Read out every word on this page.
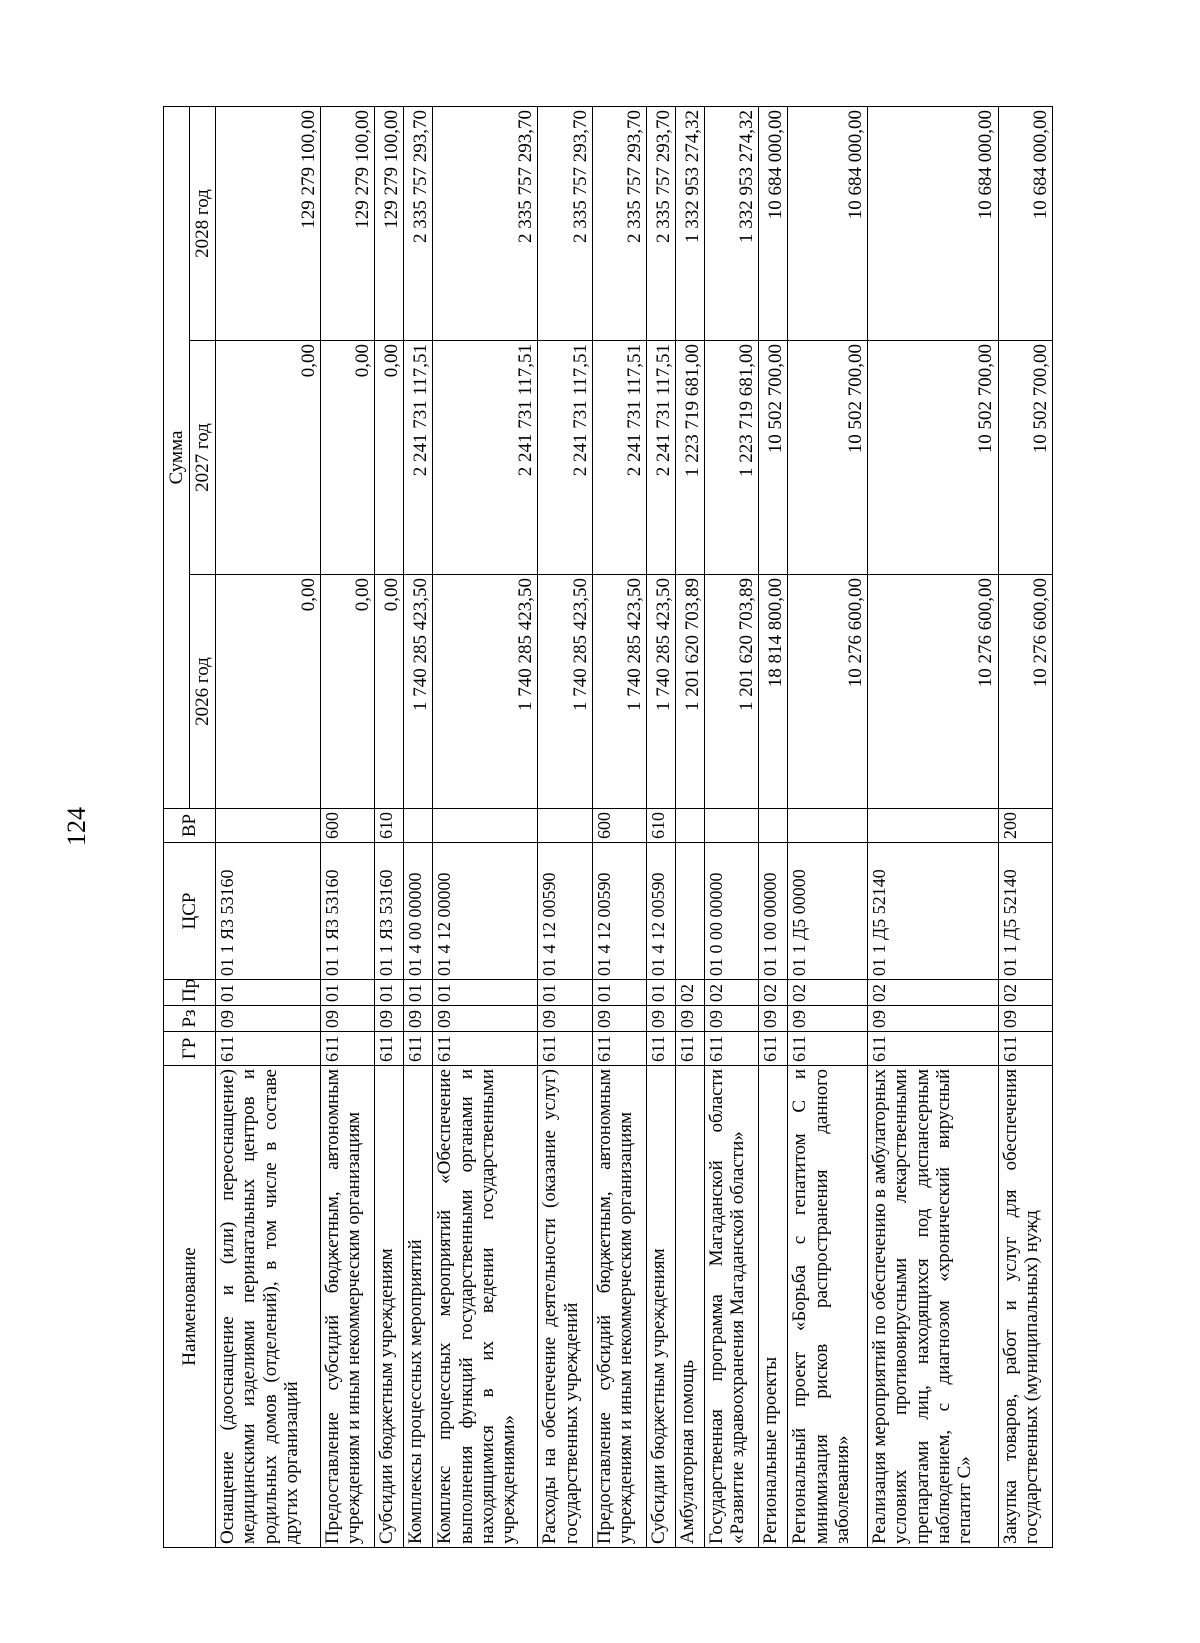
124
Наименование	ГР	Рз	Пр	ЦСР	ВР	Сумма		
						2026 год	2027 год	2028 год
Оснащение (дооснащение и (или) переоснащение) медицинскими изделиями перинатальных центров и родильных домов (отделений), в том числе в составе других организаций	611	09	01	01 1 Я3 53160		0,00	0,00	129 279 100,00
Предоставление субсидий бюджетным, автономным учреждениям и иным некоммерческим организациям	611	09	01	01 1 Я3 53160	600	0,00	0,00	129 279 100,00
Субсидии бюджетным учреждениям	611	09	01	01 1 Я3 53160	610	0,00	0,00	129 279 100,00
Комплексы процессных мероприятий	611	09	01	01 4 00 00000		1 740 285 423,50	2 241 731 117,51	2 335 757 293,70
Комплекс процессных мероприятий «Обеспечение выполнения функций государственными органами и находящимися в их ведении государственными учреждениями»	611	09	01	01 4 12 00000		1 740 285 423,50	2 241 731 117,51	2 335 757 293,70
Расходы на обеспечение деятельности (оказание услуг) государственных учреждений	611	09	01	01 4 12 00590		1 740 285 423,50	2 241 731 117,51	2 335 757 293,70
Предоставление субсидий бюджетным, автономным учреждениям и иным некоммерческим организациям	611	09	01	01 4 12 00590	600	1 740 285 423,50	2 241 731 117,51	2 335 757 293,70
Субсидии бюджетным учреждениям	611	09	01	01 4 12 00590	610	1 740 285 423,50	2 241 731 117,51	2 335 757 293,70
Амбулаторная помощь	611	09	02			1 201 620 703,89	1 223 719 681,00	1 332 953 274,32
Государственная программа Магаданской области «Развитие здравоохранения Магаданской области»	611	09	02	01 0 00 00000		1 201 620 703,89	1 223 719 681,00	1 332 953 274,32
Региональные проекты	611	09	02	01 1 00 00000		18 814 800,00	10 502 700,00	10 684 000,00
Региональный проект «Борьба с гепатитом С и минимизация рисков распространения данного заболевания»	611	09	02	01 1 Д5 00000		10 276 600,00	10 502 700,00	10 684 000,00
Реализация мероприятий по обеспечению в амбулаторных условиях противовирусными лекарственными препаратами лиц, находящихся под диспансерным наблюдением, с диагнозом «хронический вирусный гепатит С»	611	09	02	01 1 Д5 52140		10 276 600,00	10 502 700,00	10 684 000,00
Закупка товаров, работ и услуг для обеспечения государственных (муниципальных) нужд	611	09	02	01 1 Д5 52140	200	10 276 600,00	10 502 700,00	10 684 000,00
